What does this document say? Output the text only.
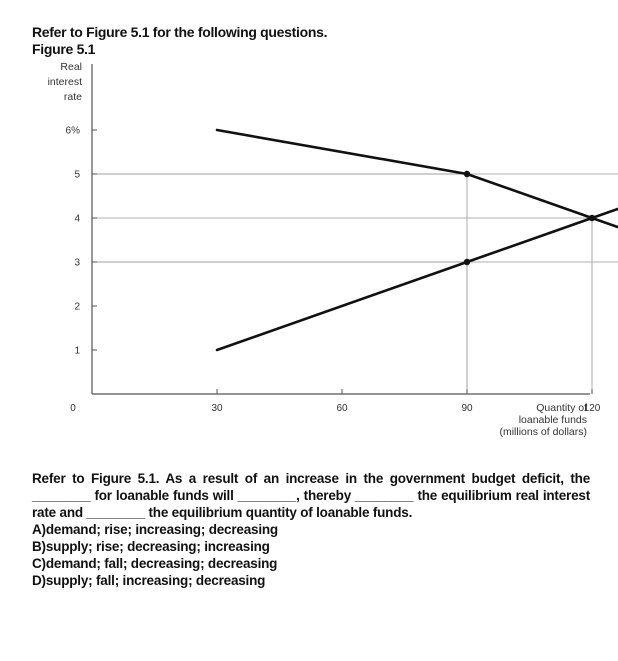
Refer to Figure 5.1 for the following questions.
Figure 5.1
0	30	60	90	120
1
2
3
4
5
6%
Real
interest
rate
Quantity of
loanable funds
(millions of dollars)

Refer to Figure 5.1. As a result of an increase in the government budget deficit, the ________ for loanable funds will ________, thereby ________ the equilibrium real interest rate and ________ the equilibrium quantity of loanable funds.

A)demand; rise; increasing; decreasing

B)supply; rise; decreasing; increasing

C)demand; fall; decreasing; decreasing

D)supply; fall; increasing; decreasing
